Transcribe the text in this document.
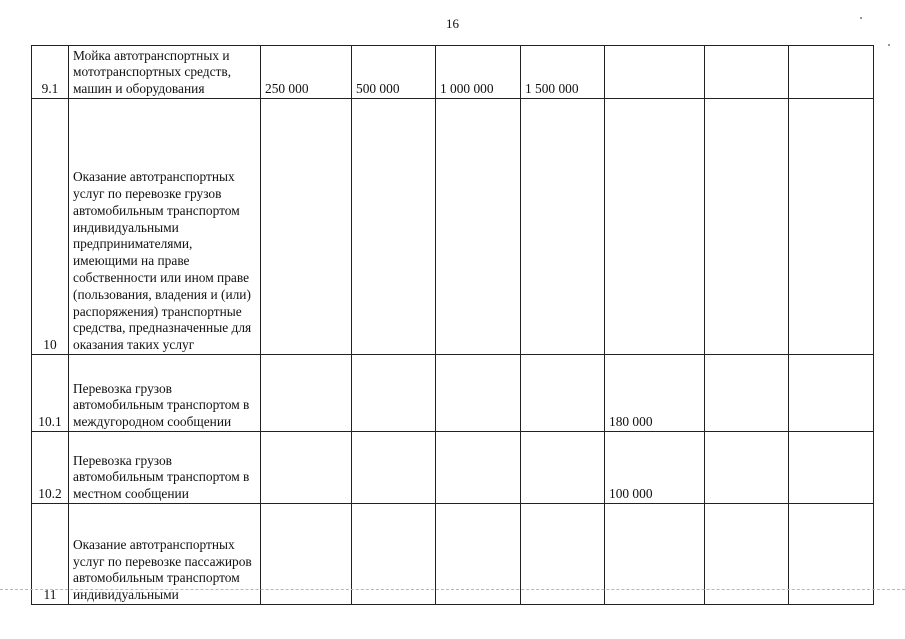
16
9.1	Мойка автотранспортных и мототранспортных средств, машин и оборудования	250 000	500 000	1 000 000	1 500 000			
10	Оказание автотранспортных услуг по перевозке грузов автомобильным транспортом индивидуальными предпринимателями, имеющими на праве собственности или ином праве (пользования, владения и (или) распоряжения) транспортные средства, предназначенные для оказания таких услуг							
10.1	Перевозка грузов автомобильным транспортом в междугородном сообщении					180 000		
10.2	Перевозка грузов автомобильным транспортом в местном сообщении					100 000		
11	Оказание автотранспортных услуг по перевозке пассажиров автомобильным транспортом индивидуальными							
